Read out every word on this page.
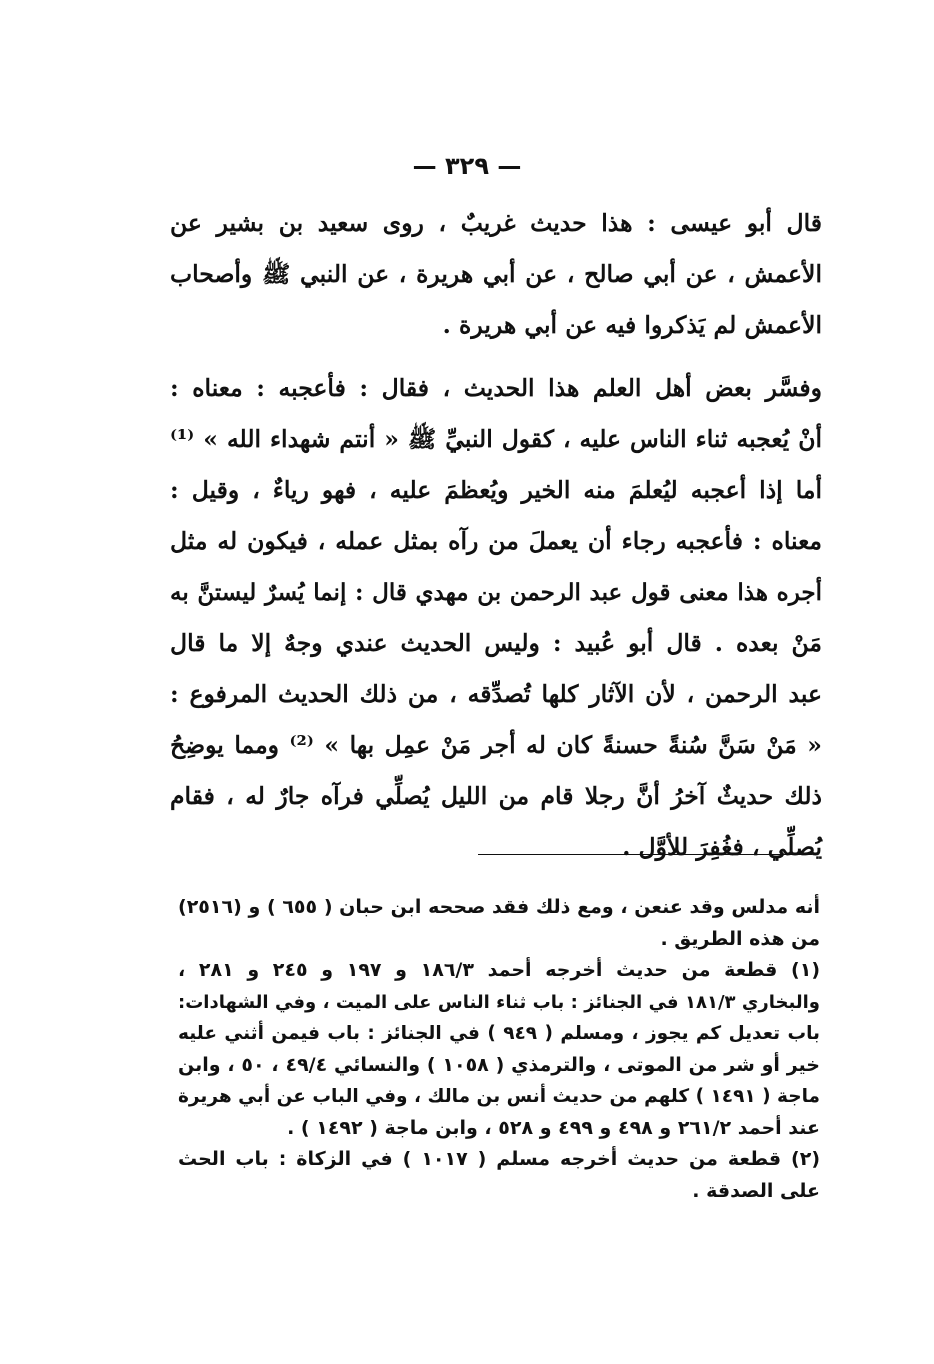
— ٣٢٩ —
قال أبو عيسى : هذا حديث غريبٌ ، روى سعيد بن بشير عن
الأعمش ، عن أبي صالح ، عن أبي هريرة ، عن النبي ﷺ وأصحاب
الأعمش لم يَذكروا فيه عن أبي هريرة .
وفسَّر بعض أهل العلم هذا الحديث ، فقال : فأعجبه : معناه :
أنْ يُعجبه ثناء الناس عليه ، كقول النبيِّ ﷺ « أنتم شهداء الله » ⁽¹⁾
أما إذا أعجبه ليُعلمَ منه الخير ويُعظمَ عليه ، فهو رياءٌ ، وقيل :
معناه : فأعجبه رجاء أن يعملَ من رآه بمثل عمله ، فيكون له مثل
أجره هذا معنى قول عبد الرحمن بن مهدي قال : إنما يُسرٌ ليستنَّ به
مَنْ بعده . قال أبو عُبيد : وليس الحديث عندي وجهٌ إلا ما قال
عبد الرحمن ، لأن الآثار كلها تُصدِّقه ، من ذلك الحديث المرفوع :
« مَنْ سَنَّ سُنةً حسنةً كان له أجر مَنْ عمِل بها » ⁽²⁾ ومما يوضِحُ
ذلك حديثٌ آخرُ أنَّ رجلا قام من الليل يُصلِّي فرآه جارٌ له ، فقام
يُصلِّي ، فغُفِرَ للأوَّل .
أنه مدلس وقد عنعن ، ومع ذلك فقد صححه ابن حبان ( ٦٥٥ ) و (٢٥١٦)
من هذه الطريق .
(١) قطعة من حديث أخرجه أحمد ١٨٦/٣ و ١٩٧ و ٢٤٥ و ٢٨١ ،
والبخاري ١٨١/٣ في الجنائز : باب ثناء الناس على الميت ، وفي الشهادات:
باب تعديل كم يجوز ، ومسلم ( ٩٤٩ ) في الجنائز : باب فيمن أثني عليه
خير أو شر من الموتى ، والترمذي ( ١٠٥٨ ) والنسائي ٤٩/٤ ، ٥٠ ، وابن
ماجة ( ١٤٩١ ) كلهم من حديث أنس بن مالك ، وفي الباب عن أبي هريرة
عند أحمد ٢٦١/٢ و ٤٩٨ و ٤٩٩ و ٥٢٨ ، وابن ماجة ( ١٤٩٢ ) .
(٢) قطعة من حديث أخرجه مسلم ( ١٠١٧ ) في الزكاة : باب الحث
على الصدقة .
